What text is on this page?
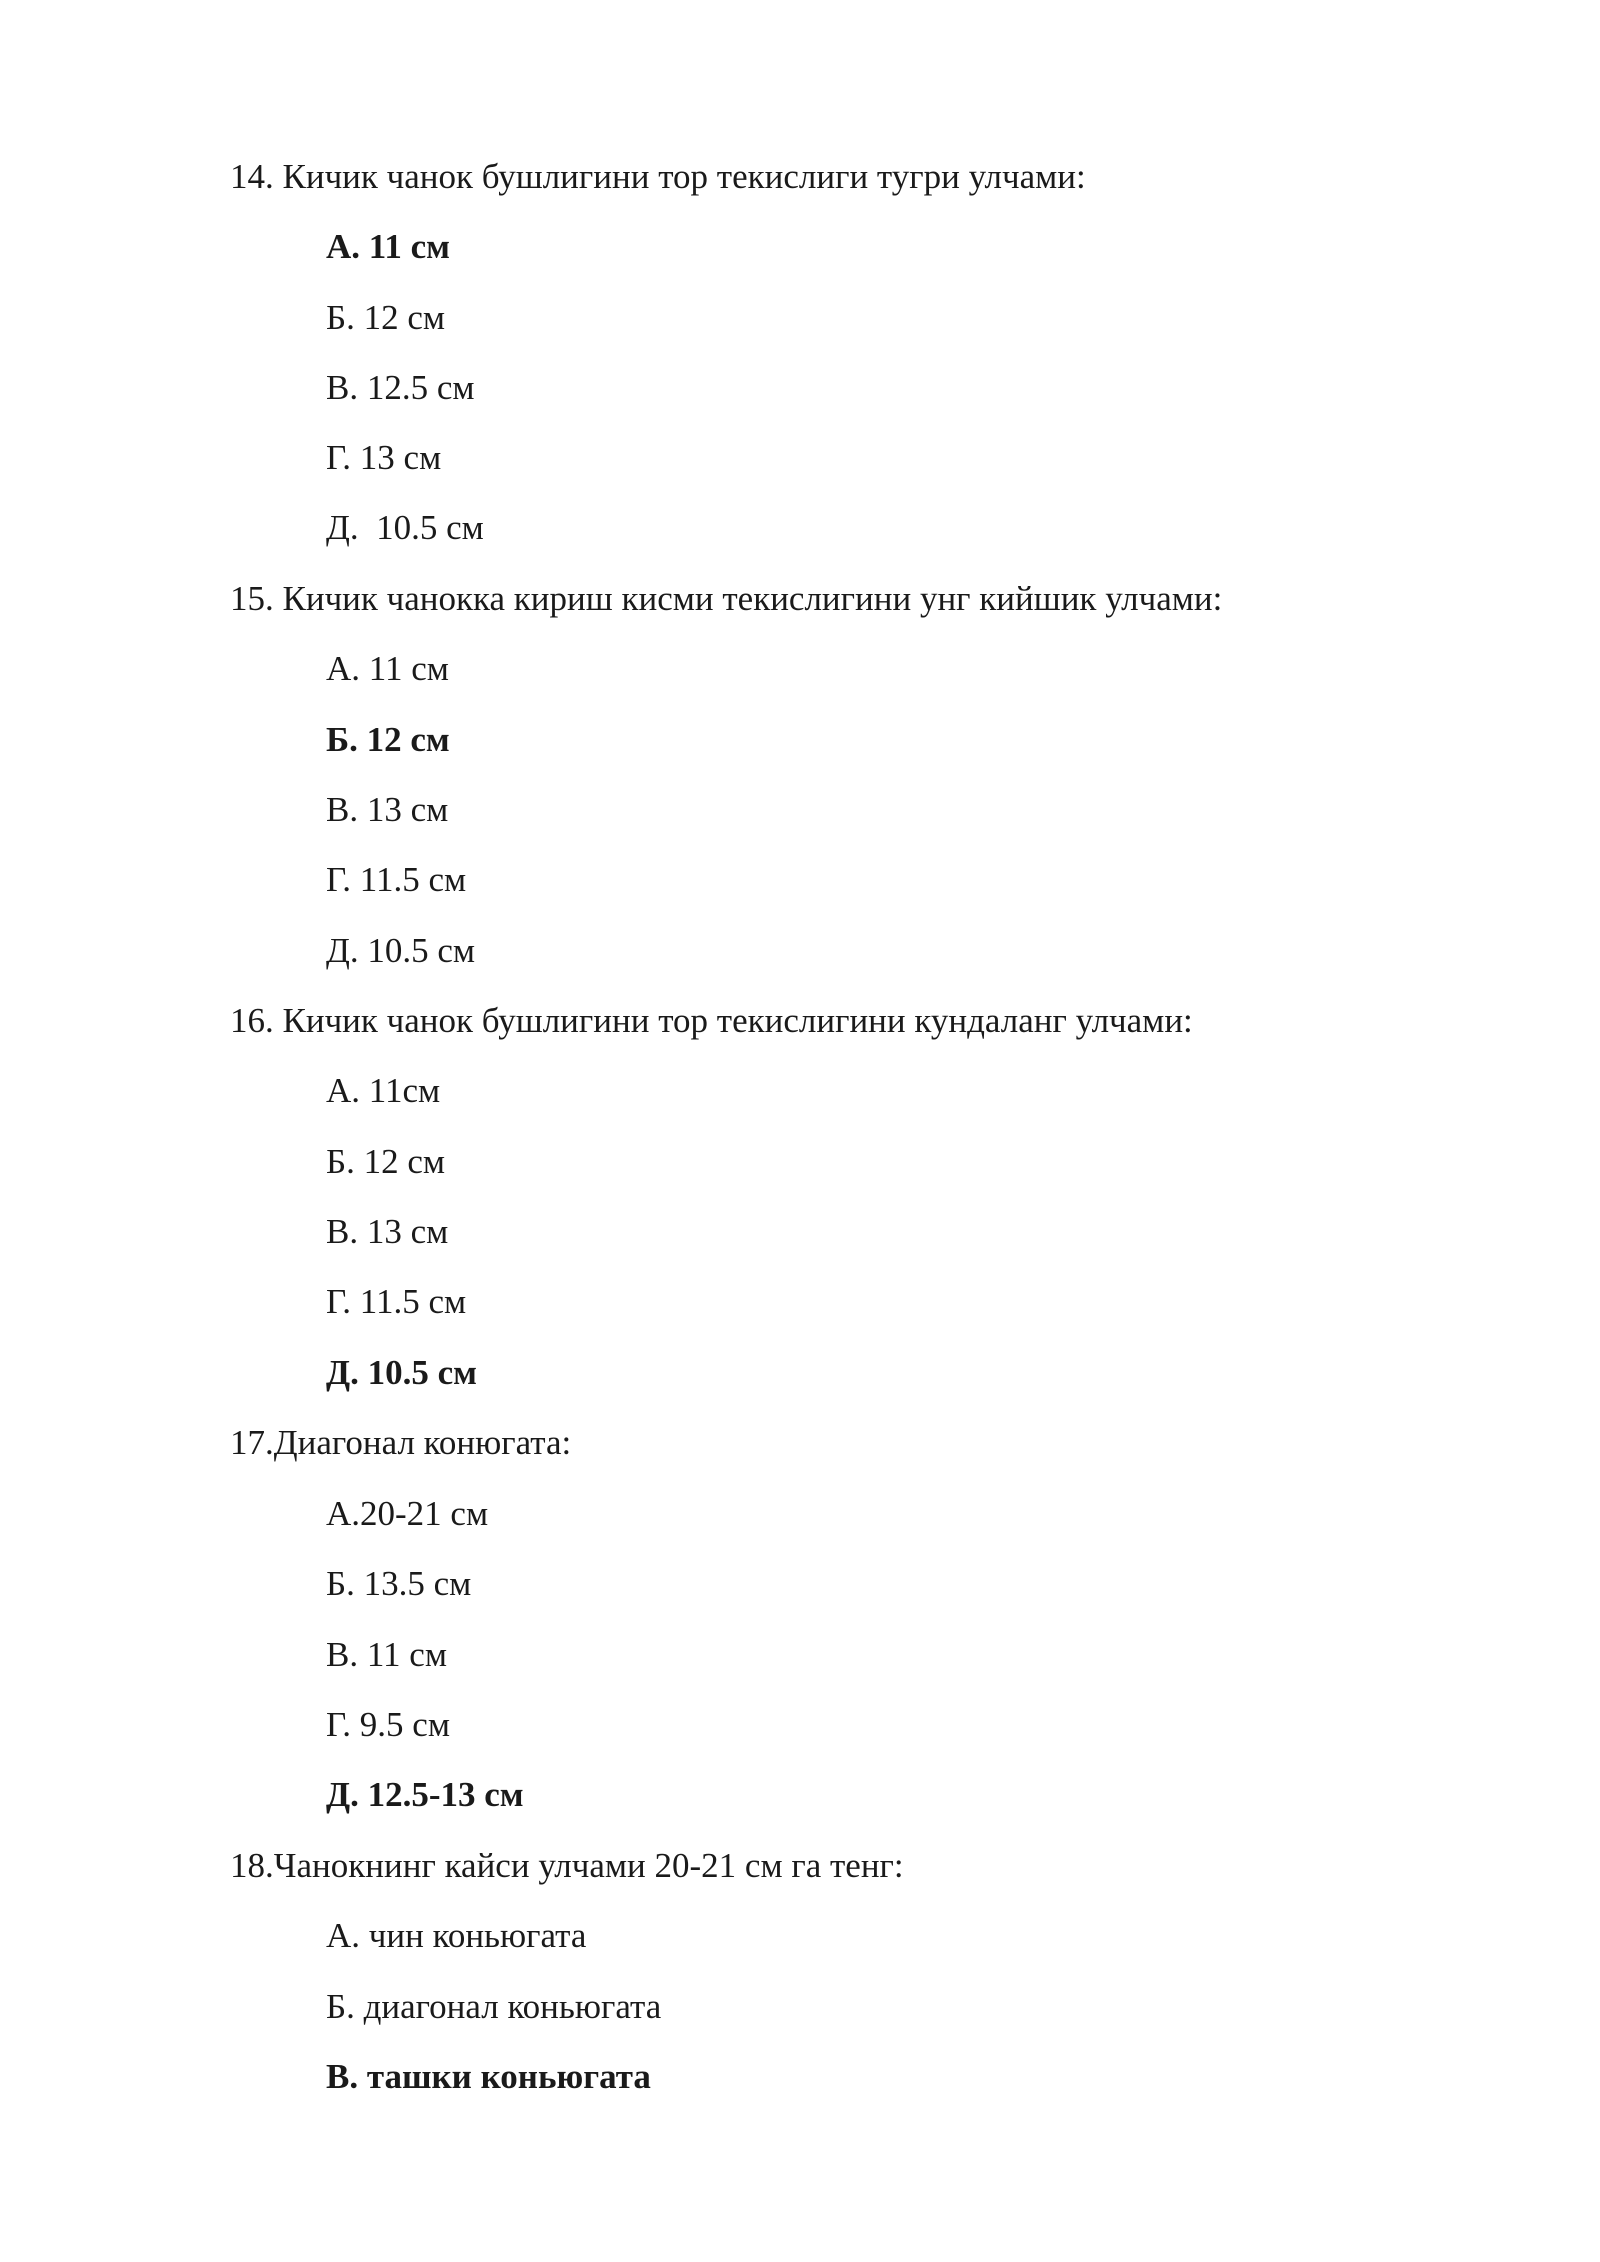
14. Кичик чанок бушлигини тор текислиги тугри улчами:
А. 11 см
Б. 12 см
В. 12.5 см
Г. 13 см
Д.  10.5 см
15. Кичик чанокка кириш кисми текислигини унг кийшик улчами:
А. 11 см
Б. 12 см
В. 13 см
Г. 11.5 см
Д. 10.5 см
16. Кичик чанок бушлигини тор текислигини кундаланг улчами:
А. 11см
Б. 12 см
В. 13 см
Г. 11.5 см
Д. 10.5 см
17.Диагонал конюгата:
А.20-21 см
Б. 13.5 см
В. 11 см
Г. 9.5 см
Д. 12.5-13 см
18.Чанокнинг кайси улчами 20-21 см га тенг:
А. чин коньюгата
Б. диагонал коньюгата
В. ташки коньюгата
